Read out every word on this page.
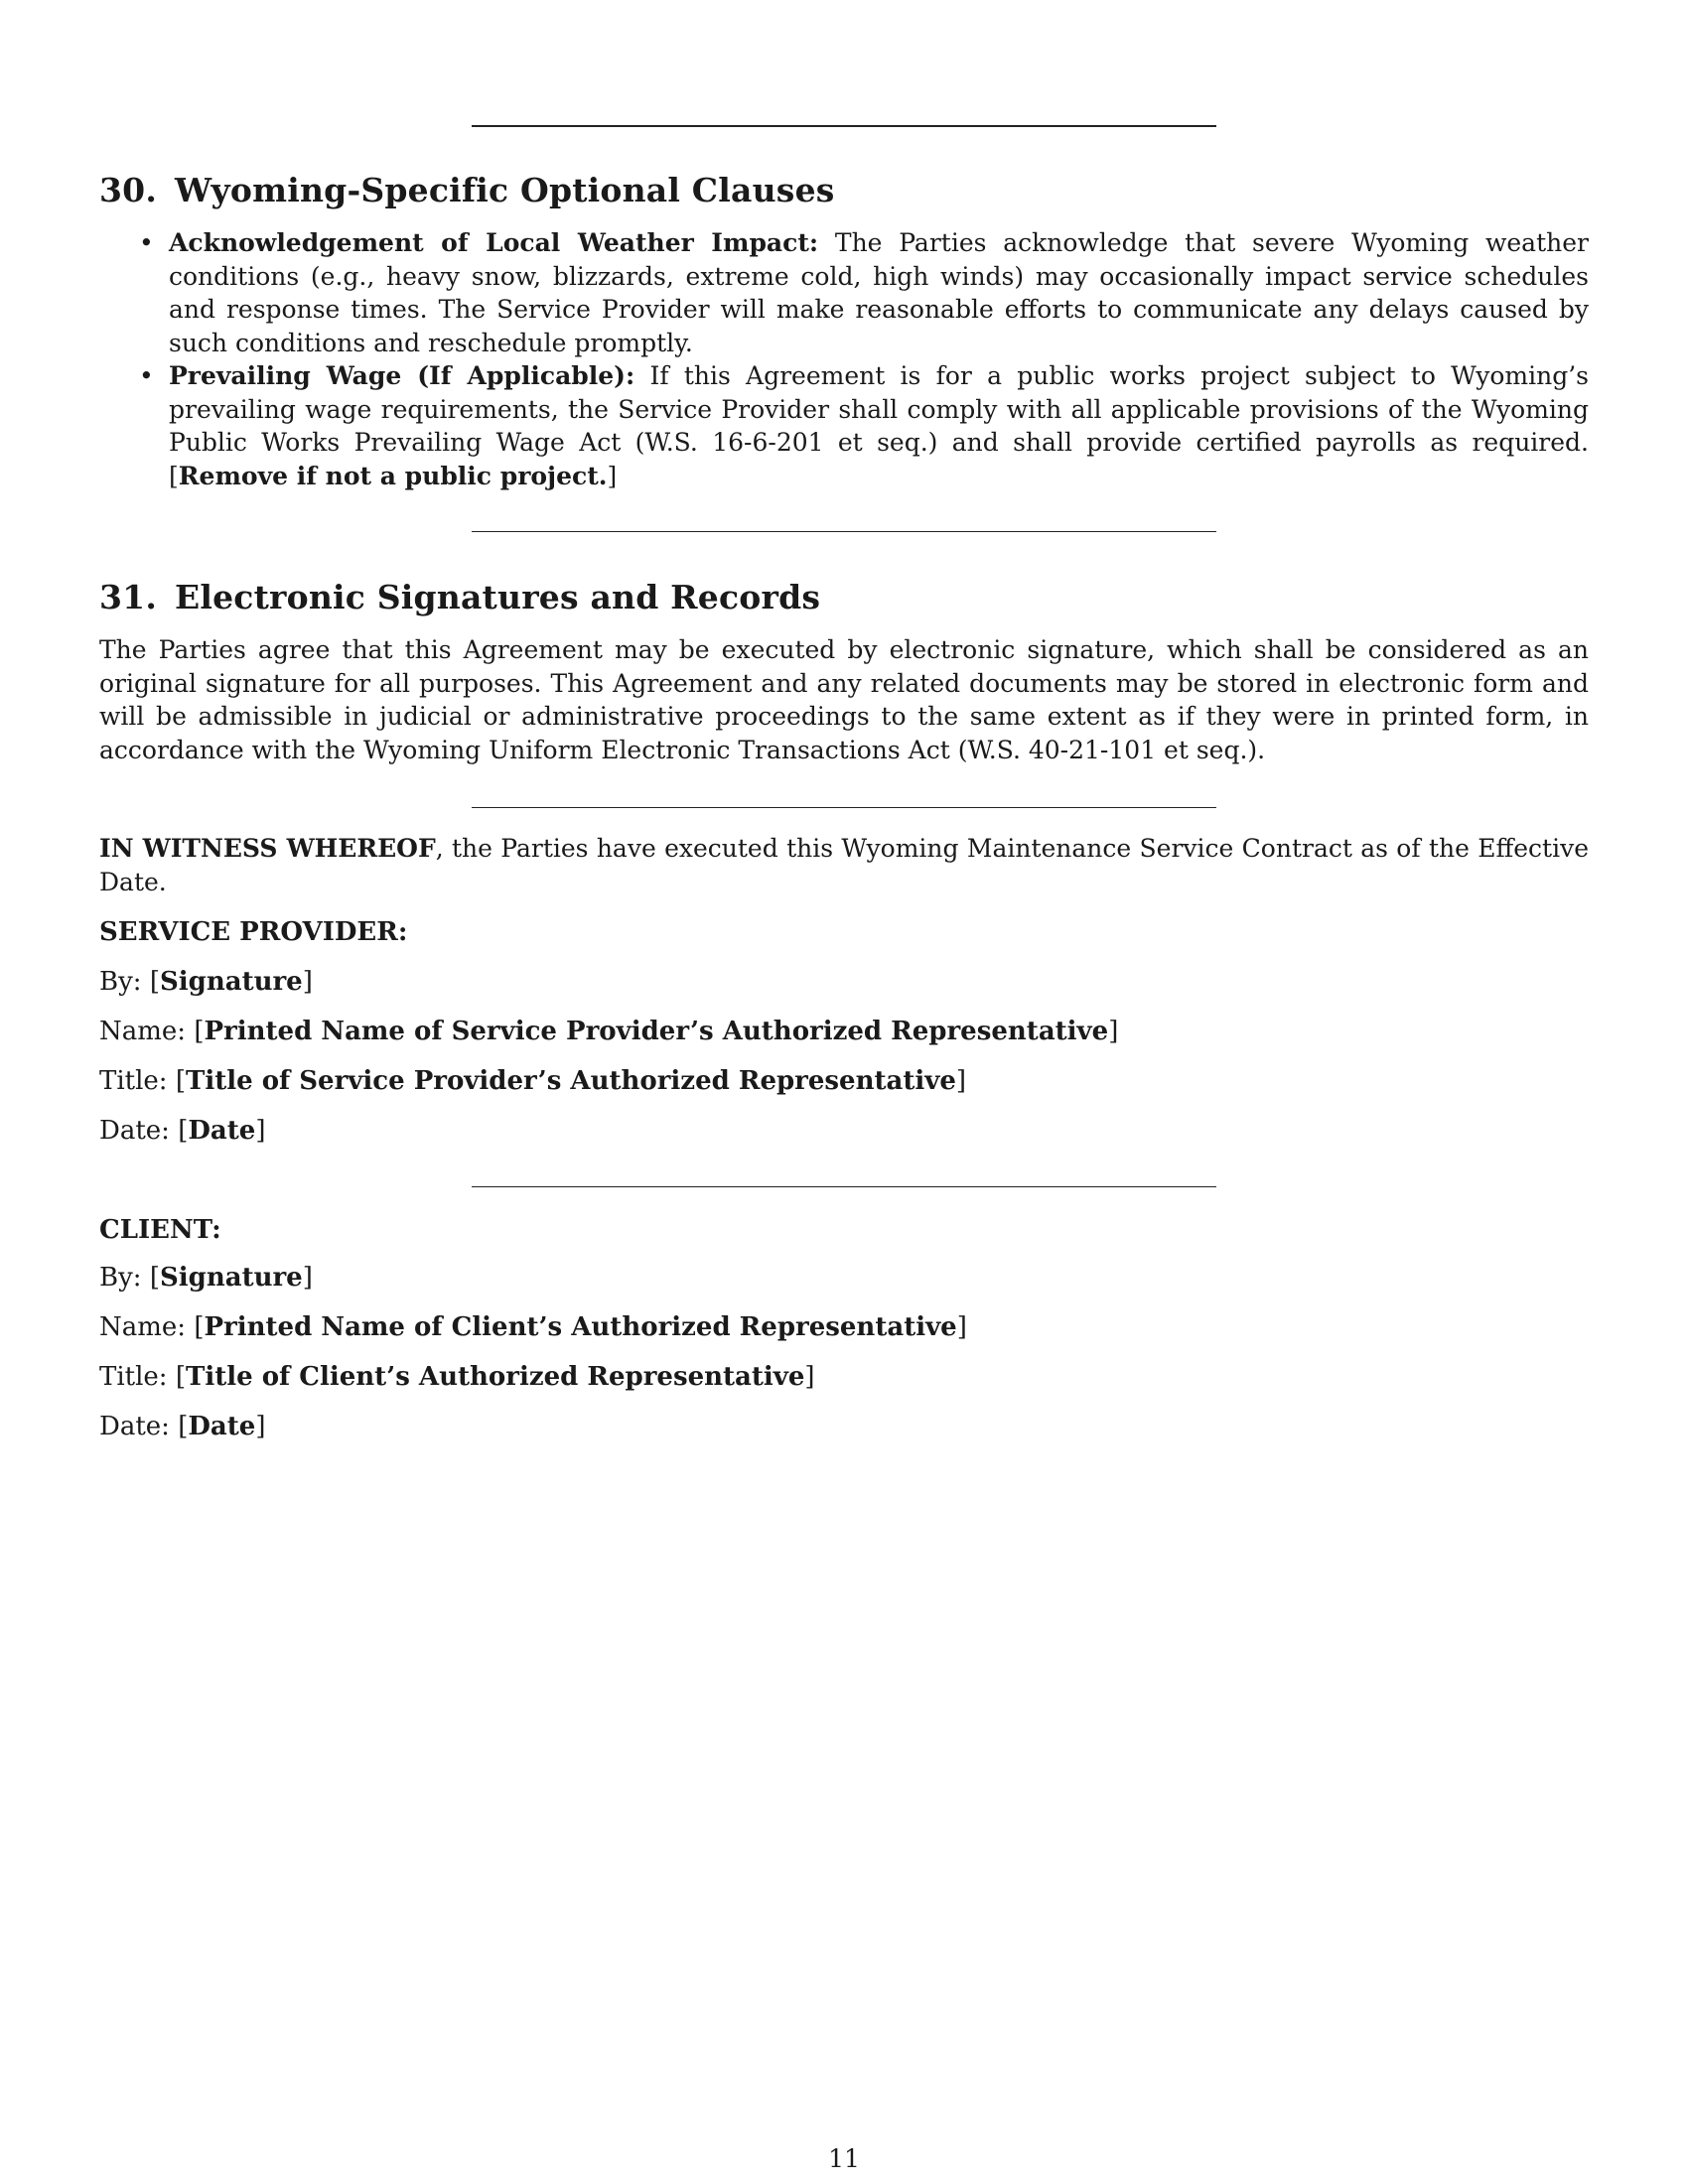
30. Wyoming-Specific Optional Clauses
• Acknowledgement of Local Weather Impact: The Parties acknowledge that severe Wyoming weather conditions (e.g., heavy snow, blizzards, extreme cold, high winds) may occasionally impact service schedules and response times. The Service Provider will make reasonable efforts to communicate any delays caused by such conditions and reschedule promptly.
• Prevailing Wage (If Applicable): If this Agreement is for a public works project subject to Wyoming’s prevailing wage requirements, the Service Provider shall comply with all applicable provisions of the Wyoming Public Works Prevailing Wage Act (W.S. 16-6-201 et seq.) and shall provide certified payrolls as required. [Remove if not a public project.]
31. Electronic Signatures and Records

The Parties agree that this Agreement may be executed by electronic signature, which shall be considered as an original signature for all purposes. This Agreement and any related documents may be stored in electronic form and will be admissible in judicial or administrative proceedings to the same extent as if they were in printed form, in accordance with the Wyoming Uniform Electronic Transactions Act (W.S. 40-21-101 et seq.).

IN WITNESS WHEREOF, the Parties have executed this Wyoming Maintenance Service Contract as of the Effective Date.

SERVICE PROVIDER:
By: [Signature]
Name: [Printed Name of Service Provider’s Authorized Representative]
Title: [Title of Service Provider’s Authorized Representative]
Date: [Date]
CLIENT:
By: [Signature]
Name: [Printed Name of Client’s Authorized Representative]
Title: [Title of Client’s Authorized Representative]
Date: [Date]
11
